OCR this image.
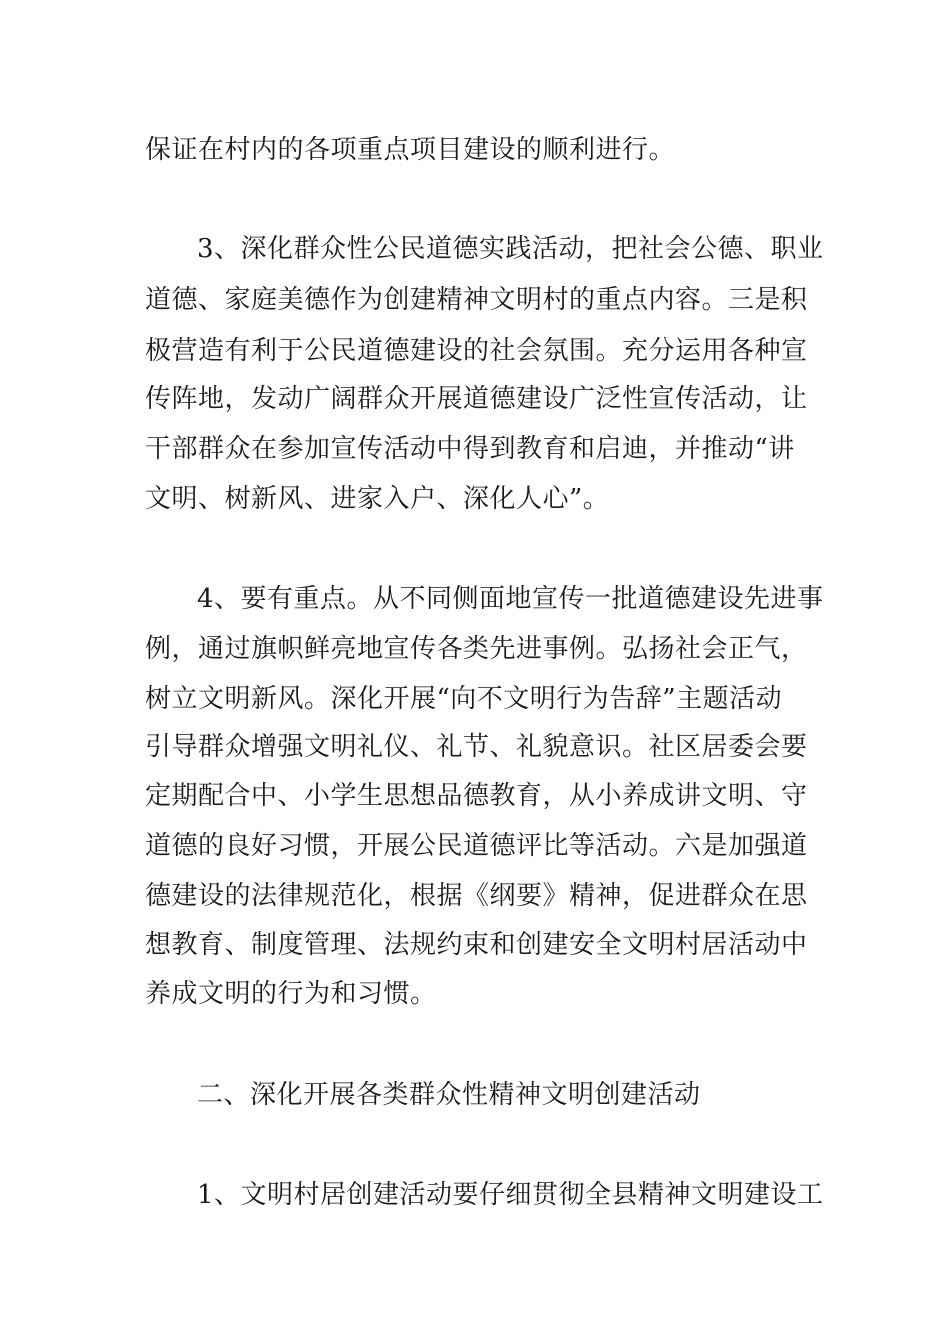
保证在村内的各项重点项目建设的顺利进行。
3、深化群众性公民道德实践活动，把社会公德、职业
道德、家庭美德作为创建精神文明村的重点内容。三是积
极营造有利于公民道德建设的社会氛围。充分运用各种宣
传阵地，发动广阔群众开展道德建设广泛性宣传活动，让
干部群众在参加宣传活动中得到教育和启迪，并推动“讲
文明、树新风、进家入户、深化人心”。
4、要有重点。从不同侧面地宣传一批道德建设先进事
例，通过旗帜鲜亮地宣传各类先进事例。弘扬社会正气，
树立文明新风。深化开展“向不文明行为告辞”主题活动
引导群众增强文明礼仪、礼节、礼貌意识。社区居委会要
定期配合中、小学生思想品德教育，从小养成讲文明、守
道德的良好习惯，开展公民道德评比等活动。六是加强道
德建设的法律规范化，根据《纲要》精神，促进群众在思
想教育、制度管理、法规约束和创建安全文明村居活动中
养成文明的行为和习惯。
二、深化开展各类群众性精神文明创建活动
1、文明村居创建活动要仔细贯彻全县精神文明建设工
